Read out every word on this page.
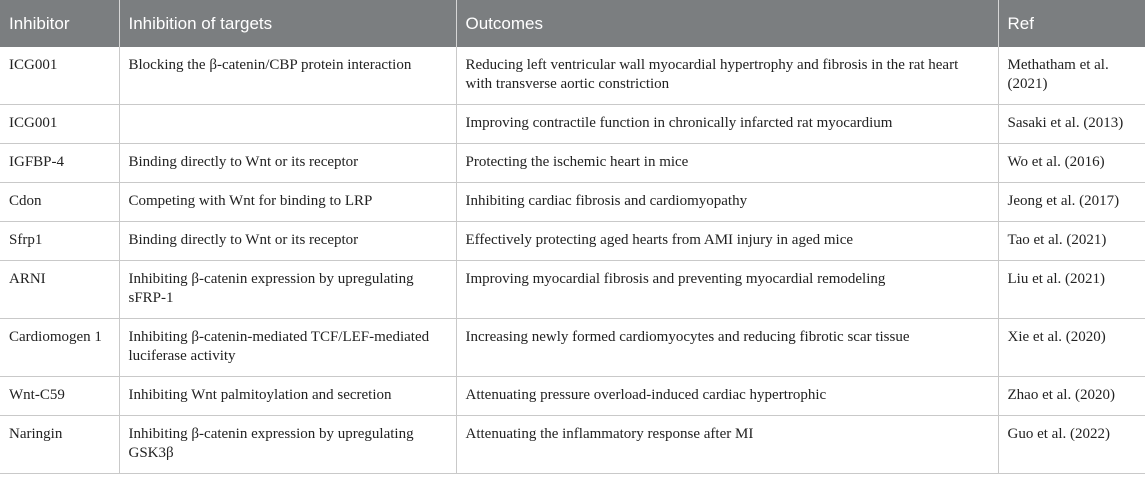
Inhibitor	Inhibition of targets	Outcomes	Ref
ICG001	Blocking the β-catenin/CBP protein interaction	Reducing left ventricular wall myocardial hypertrophy and fibrosis in the rat heart with transverse aortic constriction	Methatham et al. (2021)
ICG001		Improving contractile function in chronically infarcted rat myocardium	Sasaki et al. (2013)
IGFBP-4	Binding directly to Wnt or its receptor	Protecting the ischemic heart in mice	Wo et al. (2016)
Cdon	Competing with Wnt for binding to LRP	Inhibiting cardiac fibrosis and cardiomyopathy	Jeong et al. (2017)
Sfrp1	Binding directly to Wnt or its receptor	Effectively protecting aged hearts from AMI injury in aged mice	Tao et al. (2021)
ARNI	Inhibiting β-catenin expression by upregulating sFRP-1	Improving myocardial fibrosis and preventing myocardial remodeling	Liu et al. (2021)
Cardiomogen 1	Inhibiting β-catenin-mediated TCF/LEF-mediated luciferase activity	Increasing newly formed cardiomyocytes and reducing fibrotic scar tissue	Xie et al. (2020)
Wnt-C59	Inhibiting Wnt palmitoylation and secretion	Attenuating pressure overload-induced cardiac hypertrophic	Zhao et al. (2020)
Naringin	Inhibiting β-catenin expression by upregulating GSK3β	Attenuating the inflammatory response after MI	Guo et al. (2022)
